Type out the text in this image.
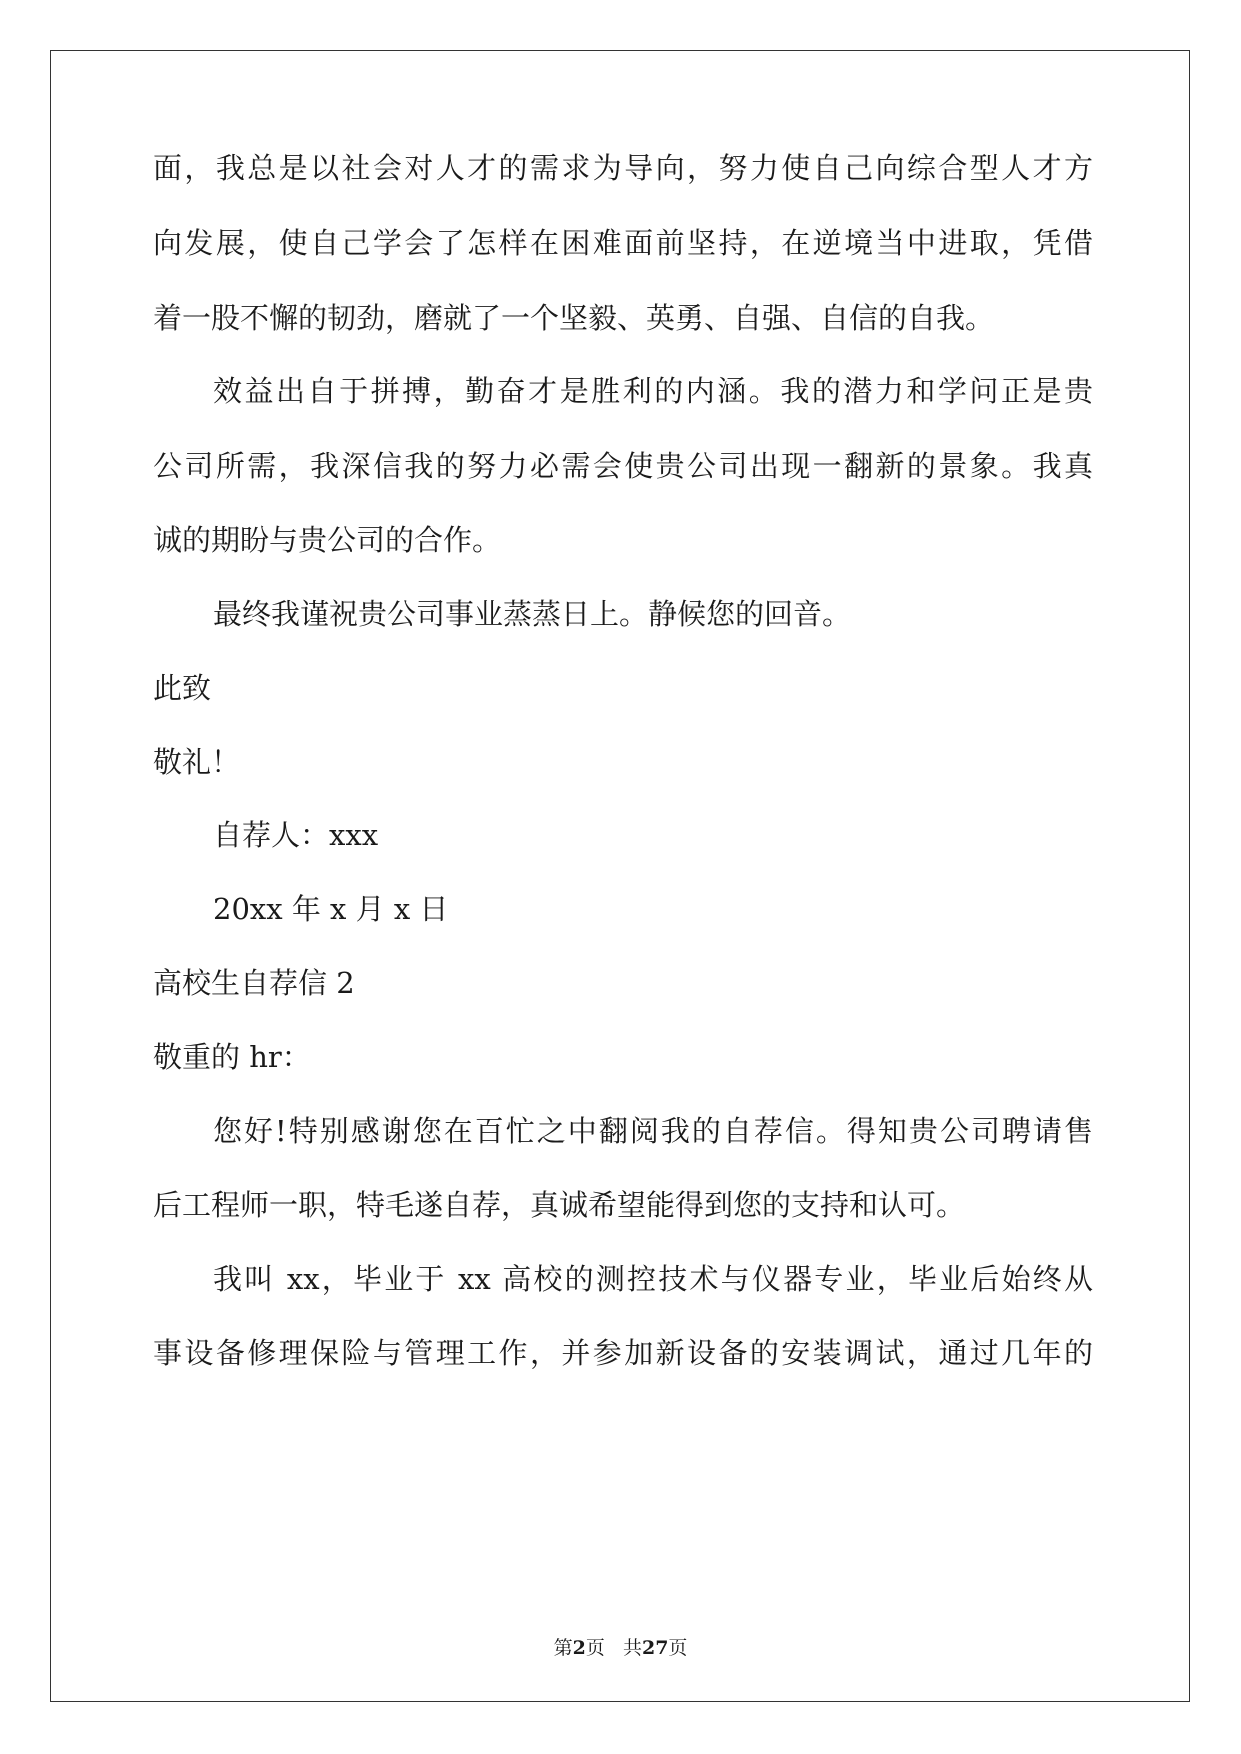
面，我总是以社会对人才的需求为导向，努力使自己向综合型人才方
向发展，使自己学会了怎样在困难面前坚持，在逆境当中进取，凭借
着一股不懈的韧劲，磨就了一个坚毅、英勇、自强、自信的自我。
效益出自于拼搏，勤奋才是胜利的内涵。我的潜力和学问正是贵
公司所需，我深信我的努力必需会使贵公司出现一翻新的景象。我真
诚的期盼与贵公司的合作。
最终我谨祝贵公司事业蒸蒸日上。静候您的回音。
此致
敬礼！
自荐人：xxx
20xx 年 x 月 x 日
高校生自荐信 2
敬重的 hr：
您好!特别感谢您在百忙之中翻阅我的自荐信。得知贵公司聘请售
后工程师一职，特毛遂自荐，真诚希望能得到您的支持和认可。
我叫 xx，毕业于 xx 高校的测控技术与仪器专业，毕业后始终从
事设备修理保险与管理工作，并参加新设备的安装调试，通过几年的
第2页 共27页
